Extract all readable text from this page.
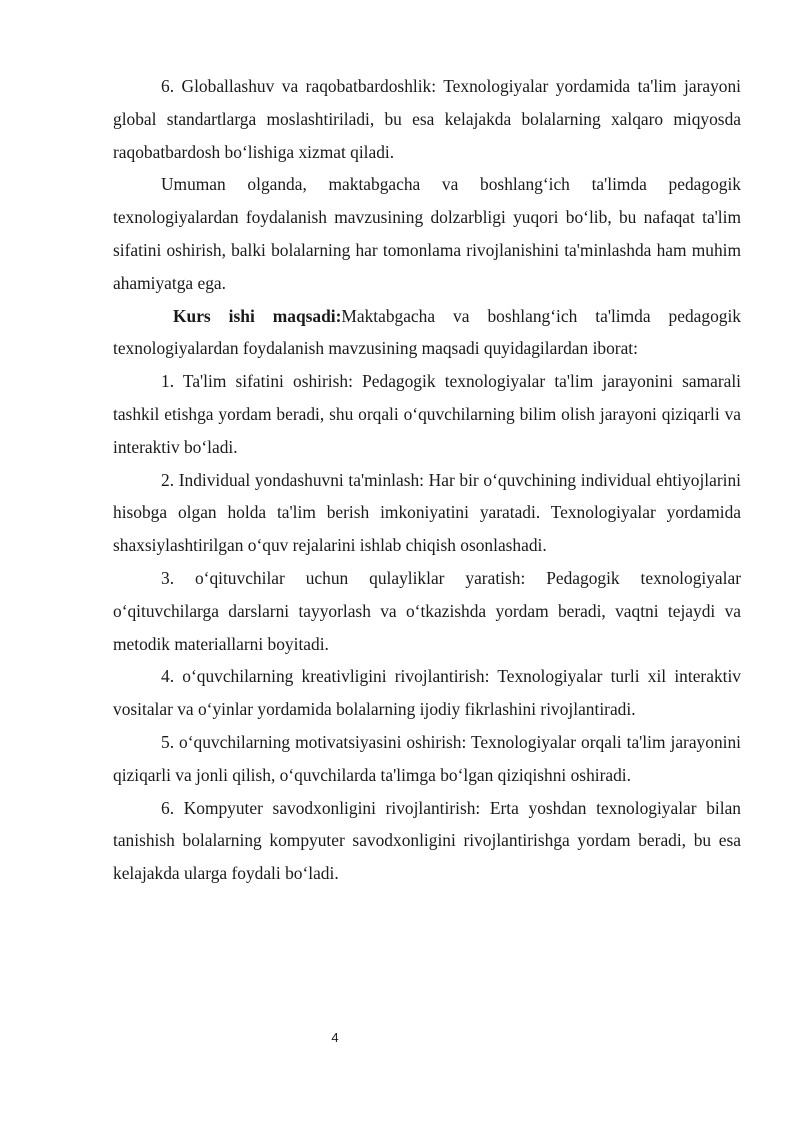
6. Globallashuv va raqobatbardoshlik: Texnologiyalar yordamida ta'lim jarayoni global standartlarga moslashtiriladi, bu esa kelajakda bolalarning xalqaro miqyosda raqobatbardosh bo‘lishiga xizmat qiladi.

Umuman olganda, maktabgacha va boshlang‘ich ta'limda pedagogik texnologiyalardan foydalanish mavzusining dolzarbligi yuqori bo‘lib, bu nafaqat ta'lim sifatini oshirish, balki bolalarning har tomonlama rivojlanishini ta'minlashda ham muhim ahamiyatga ega.

Kurs ishi maqsadi:Maktabgacha va boshlang‘ich ta'limda pedagogik texnologiyalardan foydalanish mavzusining maqsadi quyidagilardan iborat:

1. Ta'lim sifatini oshirish: Pedagogik texnologiyalar ta'lim jarayonini samarali tashkil etishga yordam beradi, shu orqali o‘quvchilarning bilim olish jarayoni qiziqarli va interaktiv bo‘ladi.

2. Individual yondashuvni ta'minlash: Har bir o‘quvchining individual ehtiyojlarini hisobga olgan holda ta'lim berish imkoniyatini yaratadi. Texnologiyalar yordamida shaxsiylashtirilgan o‘quv rejalarini ishlab chiqish osonlashadi.

3. o‘qituvchilar uchun qulayliklar yaratish: Pedagogik texnologiyalar o‘qituvchilarga darslarni tayyorlash va o‘tkazishda yordam beradi, vaqtni tejaydi va metodik materiallarni boyitadi.

4. o‘quvchilarning kreativligini rivojlantirish: Texnologiyalar turli xil interaktiv vositalar va o‘yinlar yordamida bolalarning ijodiy fikrlashini rivojlantiradi.

5. o‘quvchilarning motivatsiyasini oshirish: Texnologiyalar orqali ta'lim jarayonini qiziqarli va jonli qilish, o‘quvchilarda ta'limga bo‘lgan qiziqishni oshiradi.

6. Kompyuter savodxonligini rivojlantirish: Erta yoshdan texnologiyalar bilan tanishish bolalarning kompyuter savodxonligini rivojlantirishga yordam beradi, bu esa kelajakda ularga foydali bo‘ladi.

4
